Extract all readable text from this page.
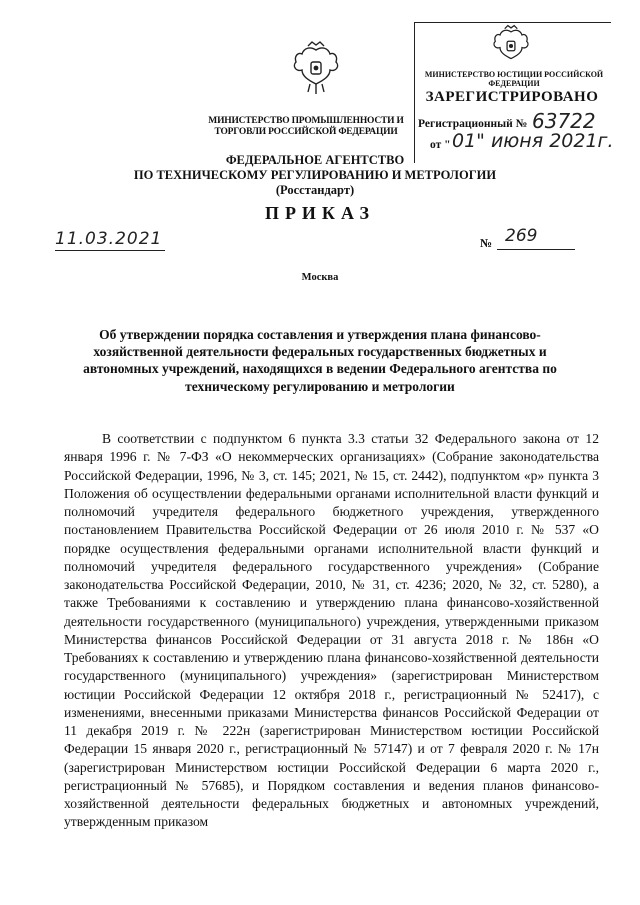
МИНИСТЕРСТВО ПРОМЫШЛЕННОСТИ И ТОРГОВЛИ РОССИЙСКОЙ ФЕДЕРАЦИИ
МИНИСТЕРСТВО ЮСТИЦИИ РОССИЙСКОЙ ФЕДЕРАЦИИ
ЗАРЕГИСТРИРОВАНО
Регистрационный № 63722
от " 01" июня 2021г.
ФЕДЕРАЛЬНОЕ АГЕНТСТВО
ПО ТЕХНИЧЕСКОМУ РЕГУЛИРОВАНИЮ И МЕТРОЛОГИИ
(Росстандарт)
ПРИКАЗ
11.03.2021	№ 269
Москва
Об утверждении порядка составления и утверждения плана финансово-хозяйственной деятельности федеральных государственных бюджетных и автономных учреждений, находящихся в ведении Федерального агентства по техническому регулированию и метрологии
В соответствии с подпунктом 6 пункта 3.3 статьи 32 Федерального закона от 12 января 1996 г. № 7-ФЗ «О некоммерческих организациях» (Собрание законодательства Российской Федерации, 1996, № 3, ст. 145; 2021, № 15, ст. 2442), подпунктом «р» пункта 3 Положения об осуществлении федеральными органами исполнительной власти функций и полномочий учредителя федерального бюджетного учреждения, утвержденного постановлением Правительства Российской Федерации от 26 июля 2010 г. № 537 «О порядке осуществления федеральными органами исполнительной власти функций и полномочий учредителя федерального государственного учреждения» (Собрание законодательства Российской Федерации, 2010, № 31, ст. 4236; 2020, № 32, ст. 5280), а также Требованиями к составлению и утверждению плана финансово-хозяйственной деятельности государственного (муниципального) учреждения, утвержденными приказом Министерства финансов Российской Федерации от 31 августа 2018 г. № 186н «О Требованиях к составлению и утверждению плана финансово-хозяйственной деятельности государственного (муниципального) учреждения» (зарегистрирован Министерством юстиции Российской Федерации 12 октября 2018 г., регистрационный № 52417), с изменениями, внесенными приказами Министерства финансов Российской Федерации от 11 декабря 2019 г. № 222н (зарегистрирован Министерством юстиции Российской Федерации 15 января 2020 г., регистрационный № 57147) и от 7 февраля 2020 г. № 17н (зарегистрирован Министерством юстиции Российской Федерации 6 марта 2020 г., регистрационный № 57685), и Порядком составления и ведения планов финансово-хозяйственной деятельности федеральных бюджетных и автономных учреждений, утвержденным приказом
